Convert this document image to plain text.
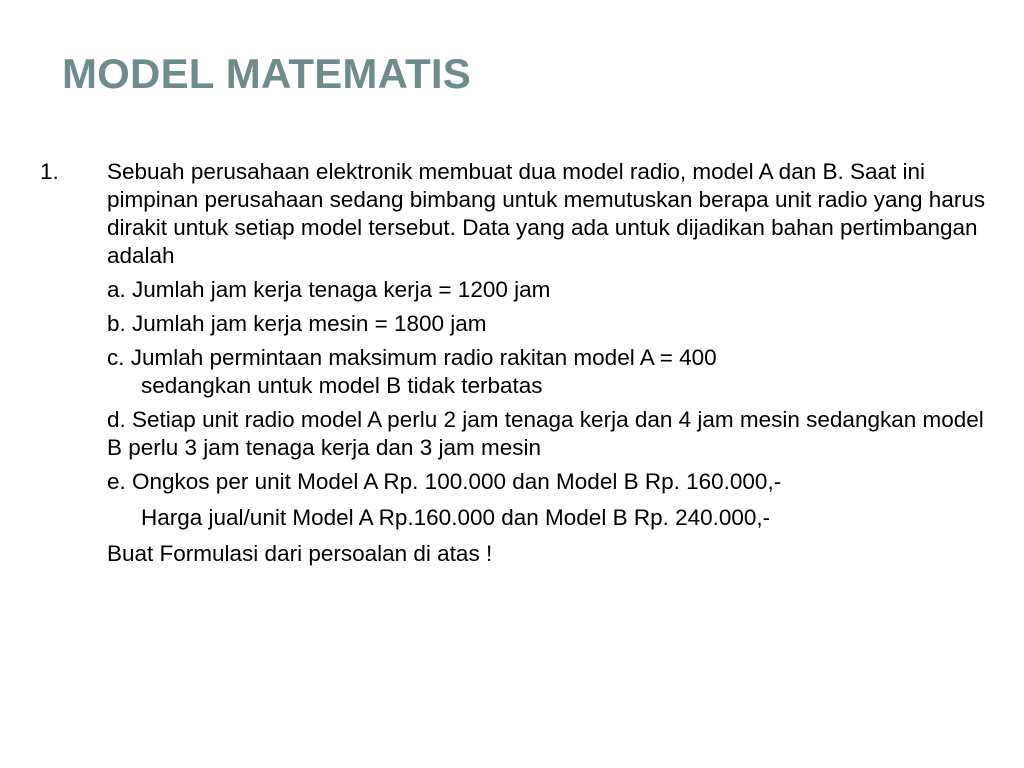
MODEL MATEMATIS
1. Sebuah perusahaan elektronik membuat dua model radio, model A dan B. Saat ini pimpinan perusahaan sedang bimbang untuk memutuskan berapa unit radio yang harus dirakit untuk setiap model tersebut. Data yang ada untuk dijadikan bahan pertimbangan adalah

a. Jumlah jam kerja tenaga kerja = 1200 jam
b. Jumlah jam kerja mesin = 1800 jam
c. Jumlah permintaan maksimum radio rakitan model A = 400
sedangkan untuk model B tidak terbatas
d. Setiap unit radio model A perlu 2 jam tenaga kerja dan 4 jam mesin sedangkan model B perlu 3 jam tenaga kerja dan 3 jam mesin
e. Ongkos per unit Model A Rp. 100.000 dan Model B Rp. 160.000,-
Harga jual/unit Model A Rp.160.000 dan Model B Rp. 240.000,-
Buat Formulasi dari persoalan di atas !
